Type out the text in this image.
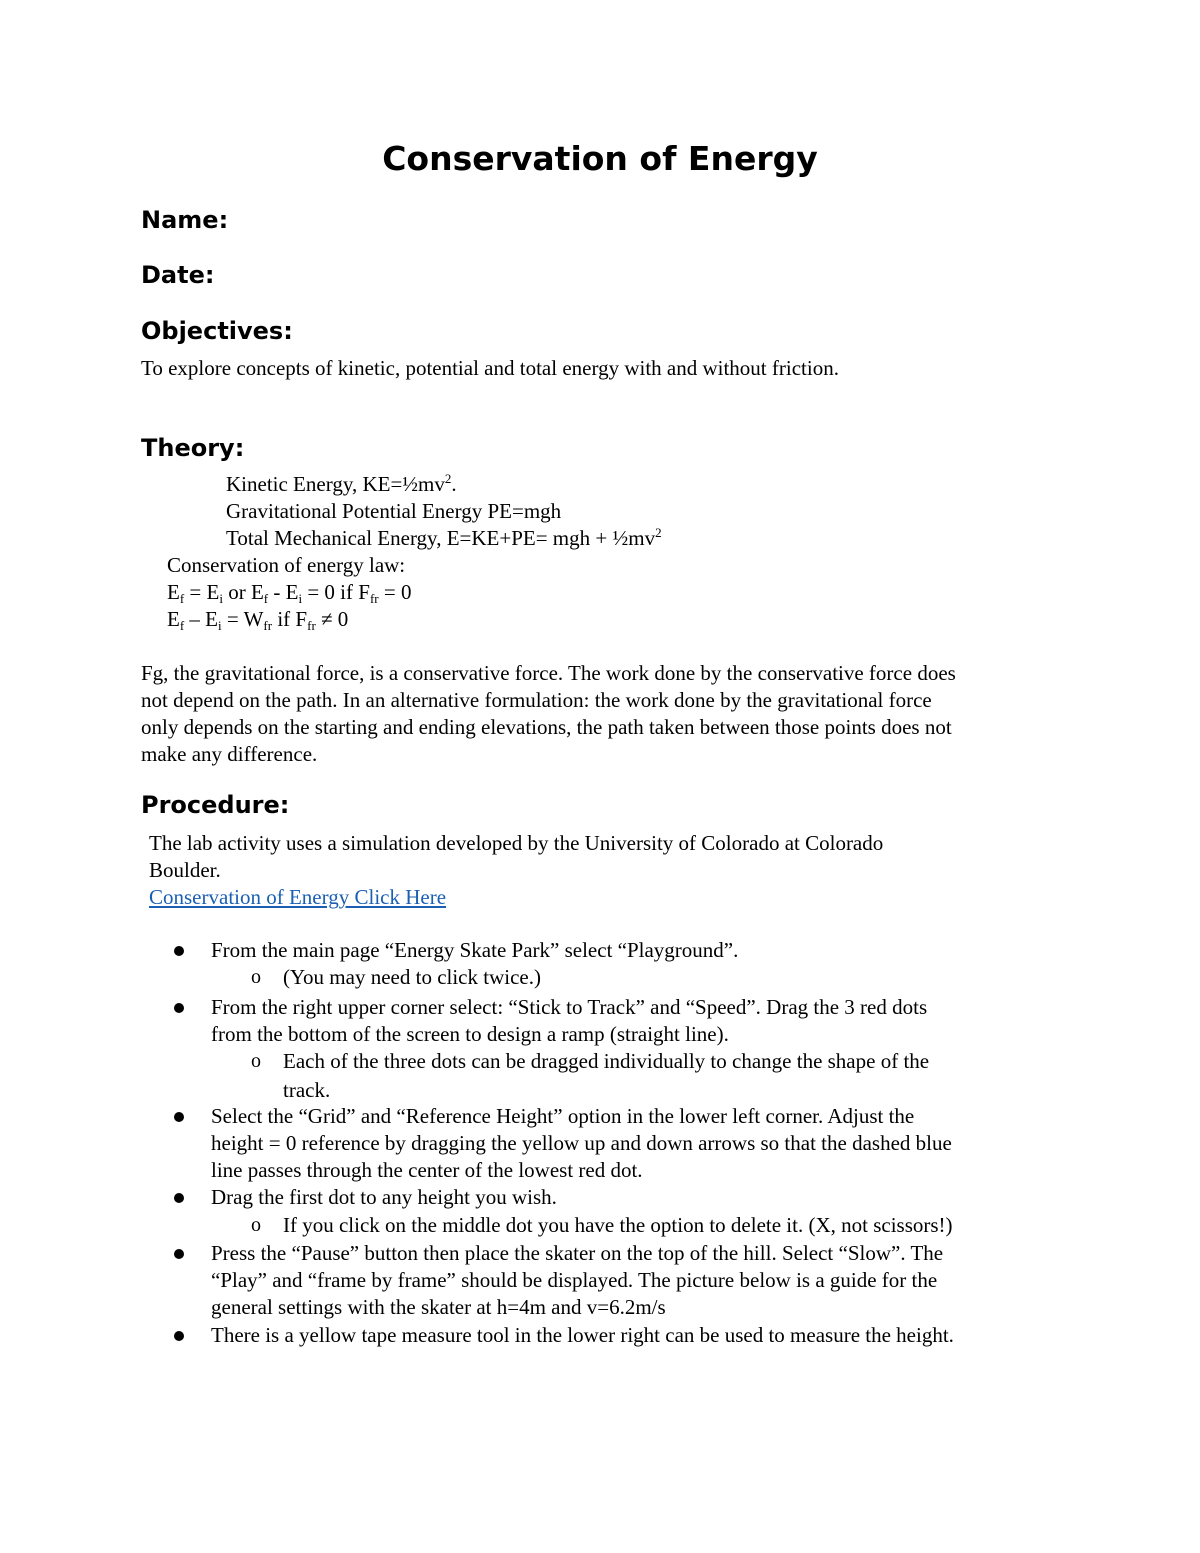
Conservation of Energy
Name:
Date:
Objectives:
To explore concepts of kinetic, potential and total energy with and without friction.
Theory:
Kinetic Energy, $KE=\frac{1}{2}mv^2$.
Gravitational Potential Energy PE=mgh
Total Mechanical Energy, E=KE+PE= mgh + $\frac{1}{2}mv^2$
Conservation of energy law:
$E_f = E_i$ or $E_f - E_i = 0$ if $F_{fr} = 0$
$E_f - E_i = W_{fr}$ if $F_{fr} \ne 0$
Fg, the gravitational force, is a conservative force. The work done by the conservative force does
not depend on the path. In an alternative formulation: the work done by the gravitational force
only depends on the starting and ending elevations, the path taken between those points does not
make any difference.
Procedure:
The lab activity uses a simulation developed by the University of Colorado at Colorado
Boulder.
Conservation of Energy Click Here
From the main page “Energy Skate Park” select “Playground”.
o (You may need to click twice.)
From the right upper corner select: “Stick to Track” and “Speed”. Drag the 3 red dots
from the bottom of the screen to design a ramp (straight line).
o Each of the three dots can be dragged individually to change the shape of the
track.
Select the “Grid” and “Reference Height” option in the lower left corner. Adjust the
height = 0 reference by dragging the yellow up and down arrows so that the dashed blue
line passes through the center of the lowest red dot.
Drag the first dot to any height you wish.
o If you click on the middle dot you have the option to delete it. (X, not scissors!)
Press the “Pause” button then place the skater on the top of the hill. Select “Slow”. The
“Play” and “frame by frame” should be displayed. The picture below is a guide for the
general settings with the skater at h=4m and v=6.2m/s
There is a yellow tape measure tool in the lower right can be used to measure the height.
